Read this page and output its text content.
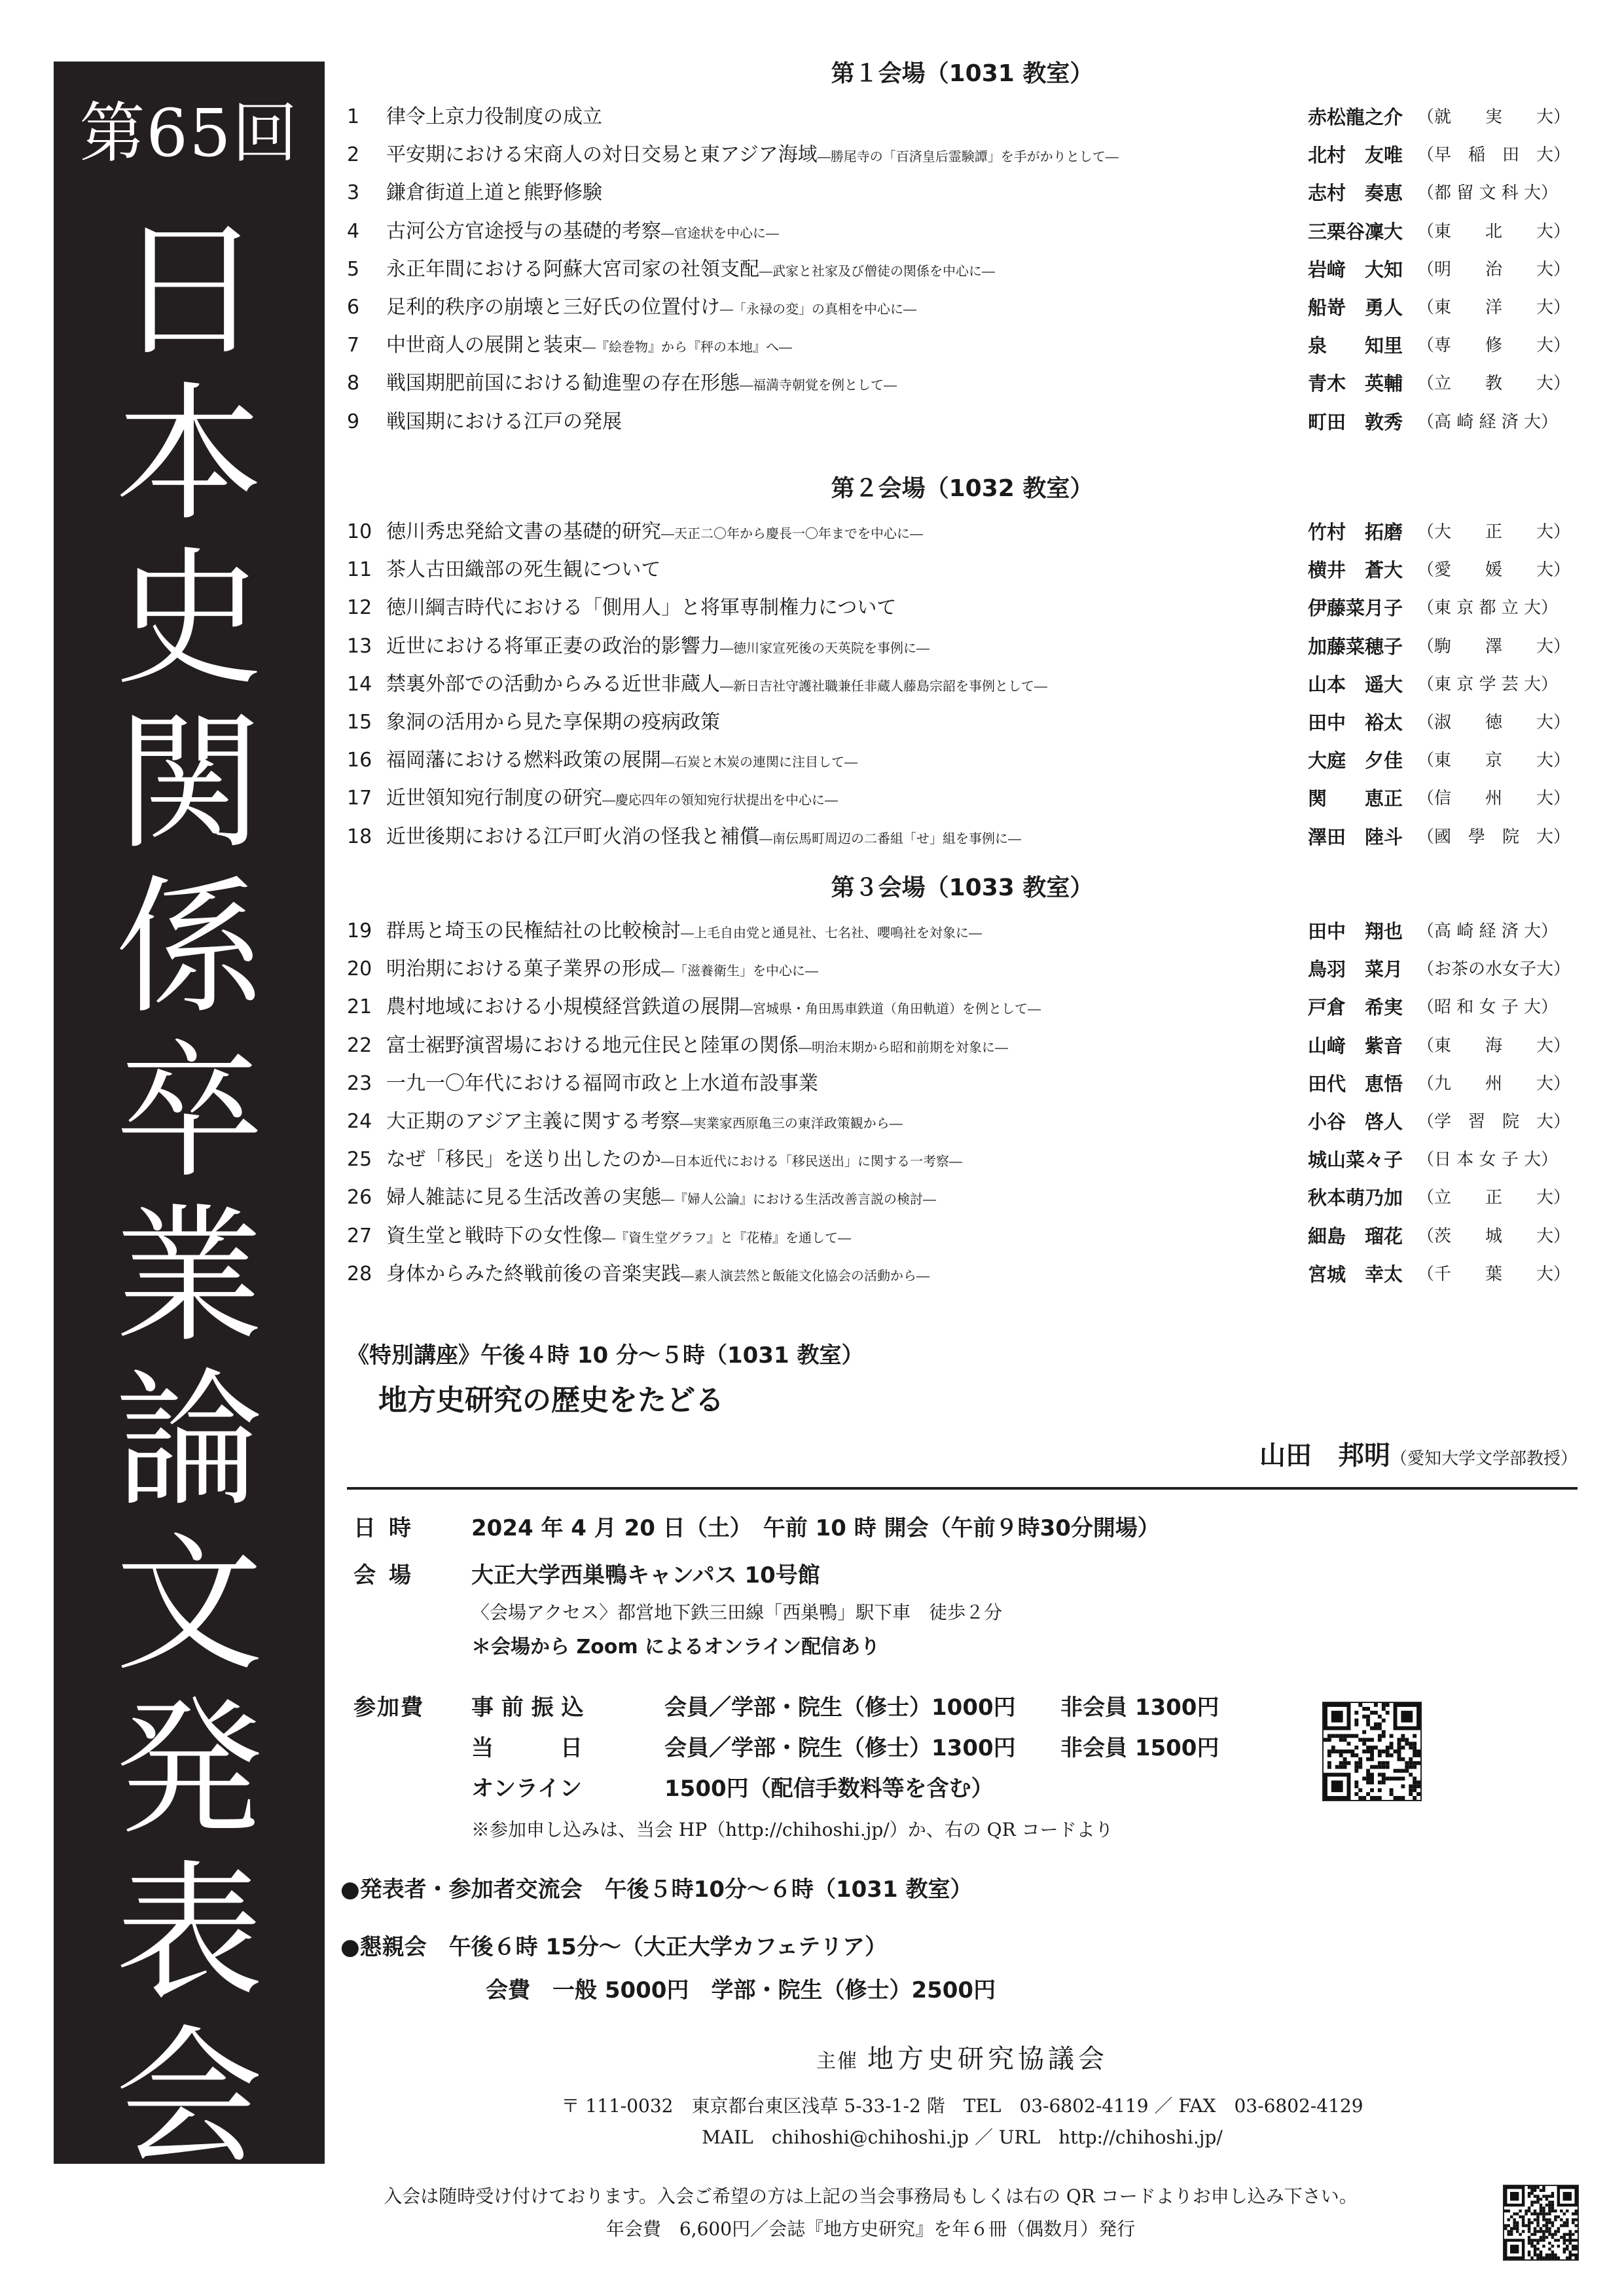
第65回
日
本
史
関
係
卒
業
論
文
発
表
会
第１会場（1031 教室）
1	律令上京力役制度の成立	赤松龍之介 （就　　実　　大）
2	平安期における宋商人の対日交易と東アジア海域―勝尾寺の「百済皇后霊験譚」を手がかりとして―	北村　友唯 （早　稲　田　大）
3	鎌倉街道上道と熊野修験	志村　奏恵 （都 留 文 科 大）
4	古河公方官途授与の基礎的考察―官途状を中心に―	三栗谷凜大 （東　　北　　大）
5	永正年間における阿蘇大宮司家の社領支配―武家と社家及び僧徒の関係を中心に―	岩﨑　大知 （明　　治　　大）
6	足利的秩序の崩壊と三好氏の位置付け―「永禄の変」の真相を中心に―	船嵜　勇人 （東　　洋　　大）
7	中世商人の展開と装束―『絵巻物』から『秤の本地』へ―	泉　　知里 （専　　修　　大）
8	戦国期肥前国における勧進聖の存在形態―福満寺朝覚を例として―	青木　英輔 （立　　教　　大）
9	戦国期における江戸の発展	町田　敦秀 （高 崎 経 済 大）
第２会場（1032 教室）
10 徳川秀忠発給文書の基礎的研究―天正二〇年から慶長一〇年までを中心に―	竹村　拓磨 （大　　正　　大）
11 茶人古田織部の死生観について	横井　蒼大 （愛　　媛　　大）
12 徳川綱吉時代における「側用人」と将軍専制権力について	伊藤菜月子 （東 京 都 立 大）
13 近世における将軍正妻の政治的影響力―徳川家宣死後の天英院を事例に―	加藤菜穂子 （駒　　澤　　大）
14 禁裏外部での活動からみる近世非蔵人―新日吉社守護社職兼任非蔵人藤島宗韶を事例として―	山本　遥大 （東 京 学 芸 大）
15 象洞の活用から見た享保期の疫病政策	田中　裕太 （淑　　徳　　大）
16 福岡藩における燃料政策の展開―石炭と木炭の連関に注目して―	大庭　夕佳 （東　　京　　大）
17 近世領知宛行制度の研究―慶応四年の領知宛行状提出を中心に―	関　　恵正 （信　　州　　大）
18 近世後期における江戸町火消の怪我と補償―南伝馬町周辺の二番組「せ」組を事例に―	澤田　陸斗 （國　學　院　大）
第３会場（1033 教室）
19 群馬と埼玉の民権結社の比較検討―上毛自由党と通見社、七名社、嚶鳴社を対象に―	田中　翔也 （高 崎 経 済 大）
20 明治期における菓子業界の形成―「滋養衛生」を中心に―	鳥羽　菜月 （お茶の水女子大）
21 農村地域における小規模経営鉄道の展開―宮城県・角田馬車鉄道（角田軌道）を例として―	戸倉　希実 （昭 和 女 子 大）
22 富士裾野演習場における地元住民と陸軍の関係―明治末期から昭和前期を対象に―	山﨑　紫音 （東　　海　　大）
23 一九一〇年代における福岡市政と上水道布設事業	田代　恵悟 （九　　州　　大）
24 大正期のアジア主義に関する考察―実業家西原亀三の東洋政策観から―	小谷　啓人 （学　習　院　大）
25 なぜ「移民」を送り出したのか―日本近代における「移民送出」に関する一考察―	城山菜々子 （日 本 女 子 大）
26 婦人雑誌に見る生活改善の実態―『婦人公論』における生活改善言説の検討―	秋本萌乃加 （立　　正　　大）
27 資生堂と戦時下の女性像―『資生堂グラフ』と『花椿』を通して―	細島　瑠花 （茨　　城　　大）
28 身体からみた終戦前後の音楽実践―素人演芸然と飯能文化協会の活動から―	宮城　幸太 （千　　葉　　大）
《特別講座》午後４時 10 分～５時（1031 教室）
地方史研究の歴史をたどる
山田　邦明（愛知大学文学部教授）
日時 2024 年 4 月 20 日（土）　午前 10 時 開会（午前９時30分開場）
会場 大正大学西巣鴨キャンパス 10号館
〈会場アクセス〉都営地下鉄三田線「西巣鴨」駅下車　徒歩２分
＊会場から Zoom によるオンライン配信あり
参加費 事 前 振 込	会員／学部・院生（修士）1000円 非会員 1300円
当　　　日	会員／学部・院生（修士）1300円 非会員 1500円
オンライン	1500円（配信手数料等を含む）
※参加申し込みは、当会 HP（http://chihoshi.jp/）か、右の QR コードより
●発表者・参加者交流会　午後５時10分～６時（1031 教室）
●懇親会　午後６時 15分～（大正大学カフェテリア）
会費　一般 5000円　学部・院生（修士）2500円
主催 地方史研究協議会
〒 111-0032　東京都台東区浅草 5-33-1-2 階　TEL　03-6802-4119 ／ FAX　03-6802-4129
MAIL　chihoshi@chihoshi.jp ／ URL　http://chihoshi.jp/
入会は随時受け付けております。入会ご希望の方は上記の当会事務局もしくは右の QR コードよりお申し込み下さい。
年会費　6,600円／会誌『地方史研究』を年６冊（偶数月）発行
